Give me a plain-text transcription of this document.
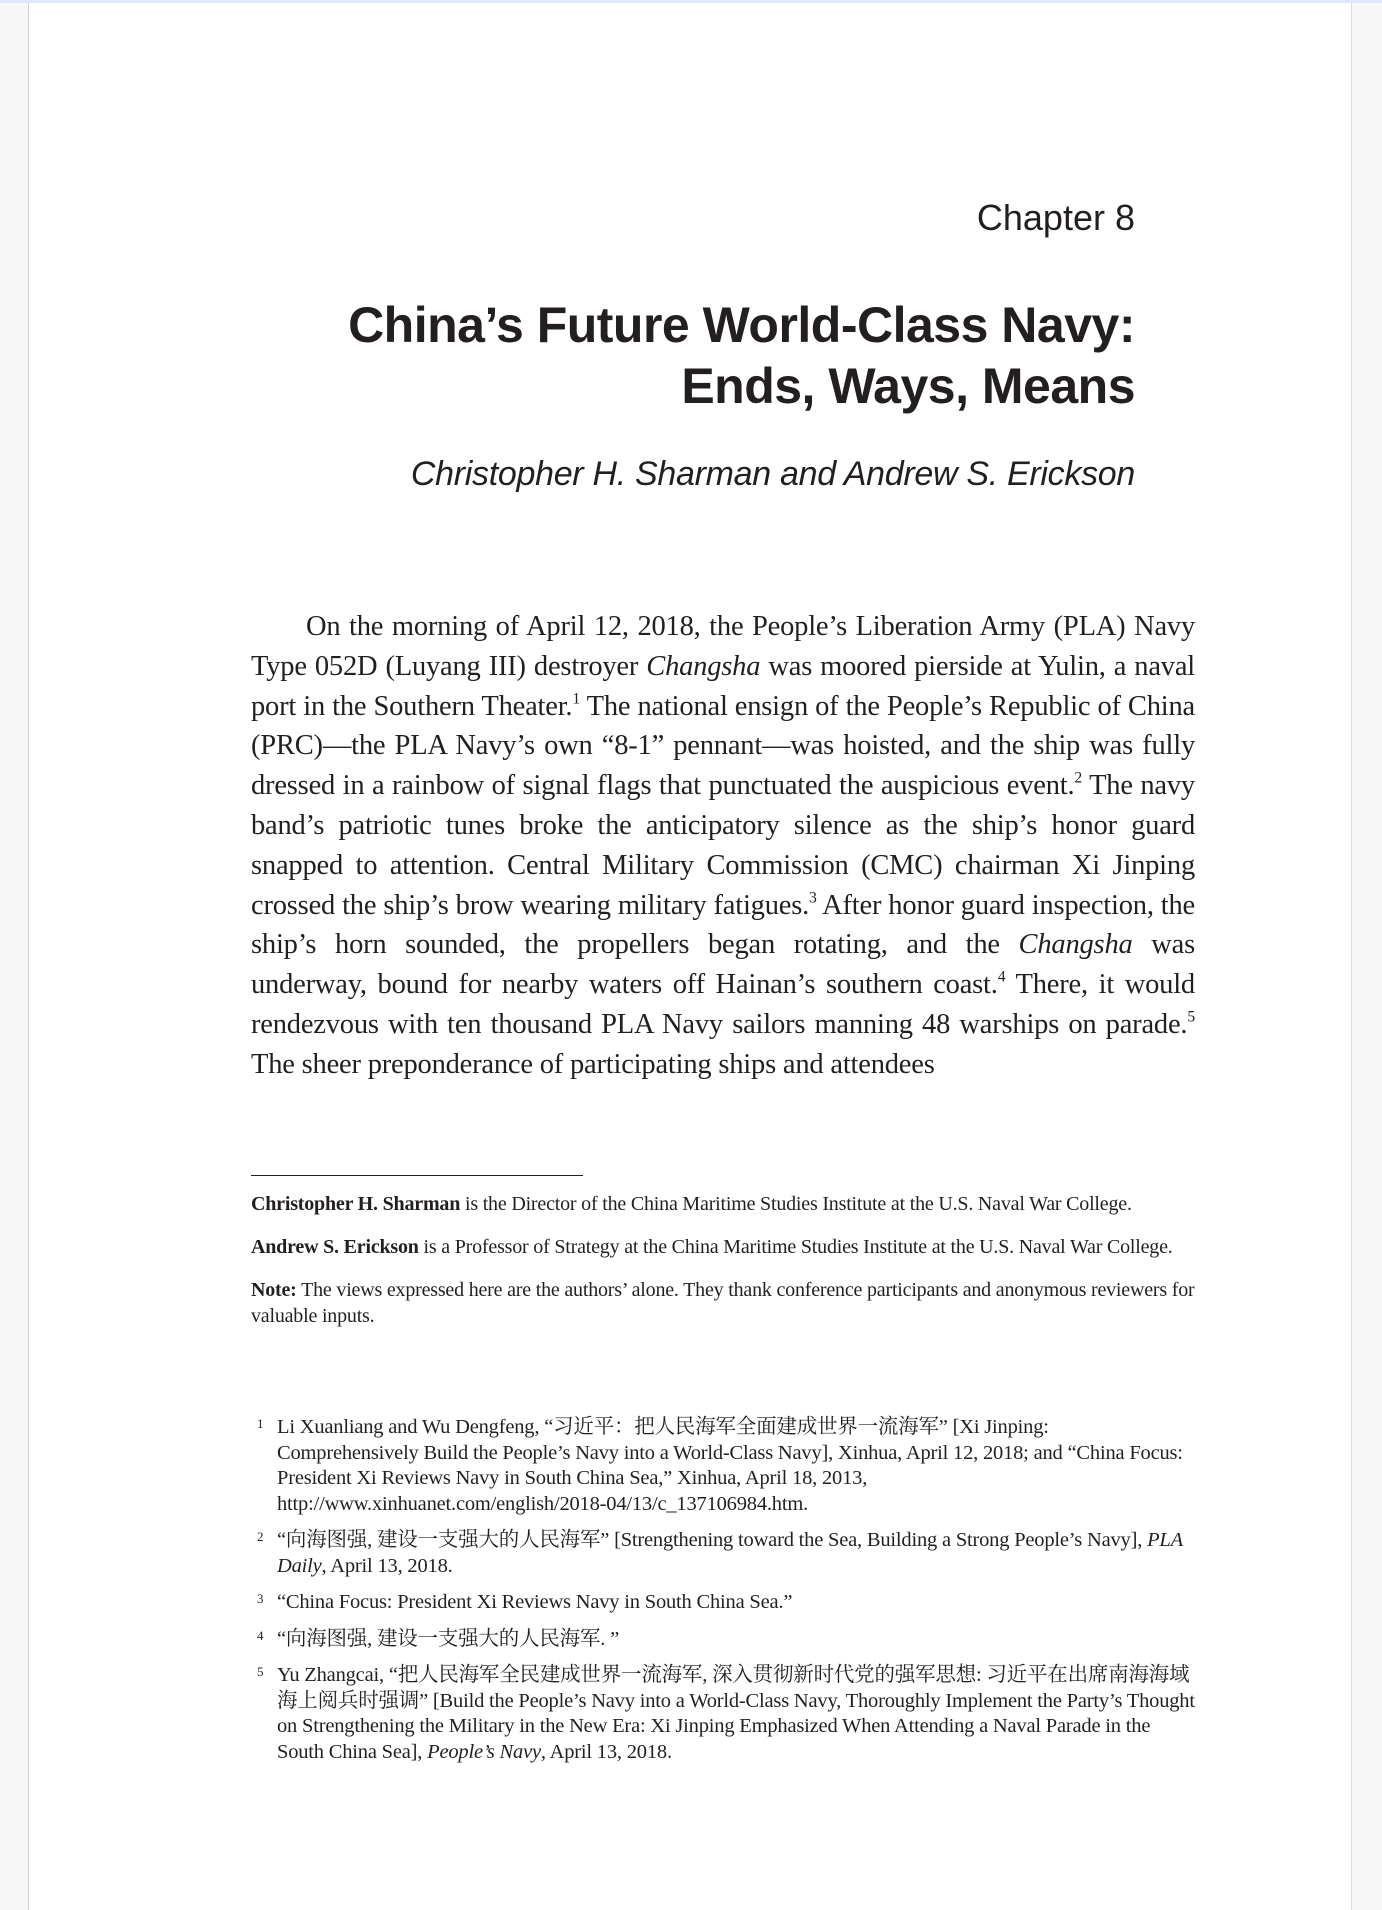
Chapter 8
China’s Future World-Class Navy:
Ends, Ways, Means
Christopher H. Sharman and Andrew S. Erickson

On the morning of April 12, 2018, the People’s Liberation Army (PLA) Navy Type 052D (Luyang III) destroyer Changsha was moored pierside at Yulin, a naval port in the Southern Theater.$^1$ The national ensign of the People’s Republic of China (PRC)—the PLA Navy’s own “8-1” pennant—was hoisted, and the ship was fully dressed in a rainbow of signal flags that punctuated the auspicious event.$^2$ The navy band’s patriotic tunes broke the anticipatory silence as the ship’s honor guard snapped to attention. Central Military Commission (CMC) chairman Xi Jinping crossed the ship’s brow wearing military fatigues.$^3$ After honor guard inspection, the ship’s horn sounded, the propellers began rotating, and the Changsha was underway, bound for nearby waters off Hainan’s southern coast.$^4$ There, it would rendezvous with ten thousand PLA Navy sailors manning 48 warships on parade.$^5$ The sheer preponderance of participating ships and attendees

Christopher H. Sharman is the Director of the China Maritime Studies Institute at the U.S. Naval War College.

Andrew S. Erickson is a Professor of Strategy at the China Maritime Studies Institute at the U.S. Naval War College.

Note: The views expressed here are the authors’ alone. They thank conference participants and anonymous reviewers for valuable inputs.

1 Li Xuanliang and Wu Dengfeng, “习近平：把人民海军全面建成世界一流海军” [Xi Jinping: Comprehensively Build the People’s Navy into a World-Class Navy], Xinhua, April 12, 2018; and “China Focus: President Xi Reviews Navy in South China Sea,” Xinhua, April 18, 2013, http://www.xinhuanet.com/english/2018-04/13/c_137106984.htm.
2 “向海图强, 建设一支强大的人民海军” [Strengthening toward the Sea, Building a Strong People’s Navy], PLA Daily, April 13, 2018.
3 “China Focus: President Xi Reviews Navy in South China Sea.”
4 “向海图强, 建设一支强大的人民海军. ”
5 Yu Zhangcai, “把人民海军全民建成世界一流海军, 深入贯彻新时代党的强军思想: 习近平在出席南海海域海上阅兵时强调” [Build the People’s Navy into a World-Class Navy, Thoroughly Implement the Party’s Thought on Strengthening the Military in the New Era: Xi Jinping Emphasized When Attending a Naval Parade in the South China Sea], People’s Navy, April 13, 2018.
